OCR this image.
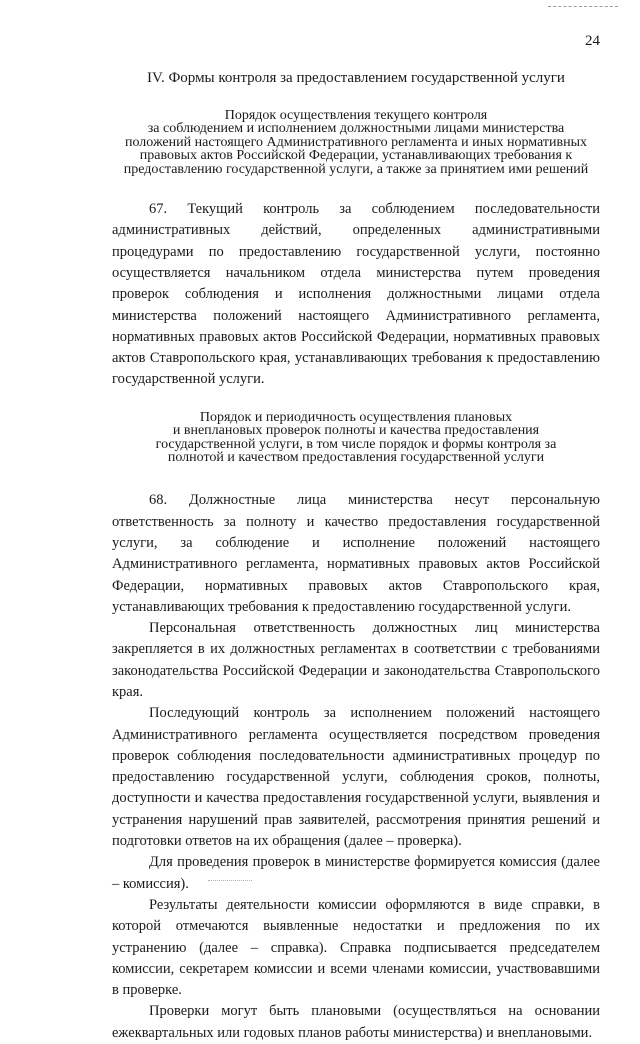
24
IV. Формы контроля за предоставлением государственной услуги
Порядок осуществления текущего контроля
за соблюдением и исполнением должностными лицами министерства
положений настоящего Административного регламента и иных нормативных
правовых актов Российской Федерации, устанавливающих требования к
предоставлению государственной услуги, а также за принятием ими решений

67. Текущий контроль за соблюдением последовательности административных действий, определенных административными процедурами по предоставлению государственной услуги, постоянно осуществляется начальником отдела министерства путем проведения проверок соблюдения и исполнения должностными лицами отдела министерства положений настоящего Административного регламента, нормативных правовых актов Российской Федерации, нормативных правовых актов Ставропольского края, устанавливающих требования к предоставлению государственной услуги.

Порядок и периодичность осуществления плановых
и внеплановых проверок полноты и качества предоставления
государственной услуги, в том числе порядок и формы контроля за
полнотой и качеством предоставления государственной услуги

68. Должностные лица министерства несут персональную ответственность за полноту и качество предоставления государственной услуги, за соблюдение и исполнение положений настоящего Административного регламента, нормативных правовых актов Российской Федерации, нормативных правовых актов Ставропольского края, устанавливающих требования к предоставлению государственной услуги.

Персональная ответственность должностных лиц министерства закрепляется в их должностных регламентах в соответствии с требованиями законодательства Российской Федерации и законодательства Ставропольского края.

Последующий контроль за исполнением положений настоящего Административного регламента осуществляется посредством проведения проверок соблюдения последовательности административных процедур по предоставлению государственной услуги, соблюдения сроков, полноты, доступности и качества предоставления государственной услуги, выявления и устранения нарушений прав заявителей, рассмотрения принятия решений и подготовки ответов на их обращения (далее – проверка).

Для проведения проверок в министерстве формируется комиссия (далее – комиссия).

Результаты деятельности комиссии оформляются в виде справки, в которой отмечаются выявленные недостатки и предложения по их устранению (далее – справка). Справка подписывается председателем комиссии, секретарем комиссии и всеми членами комиссии, участвовавшими в проверке.

Проверки могут быть плановыми (осуществляться на основании ежеквартальных или годовых планов работы министерства) и внеплановыми.
